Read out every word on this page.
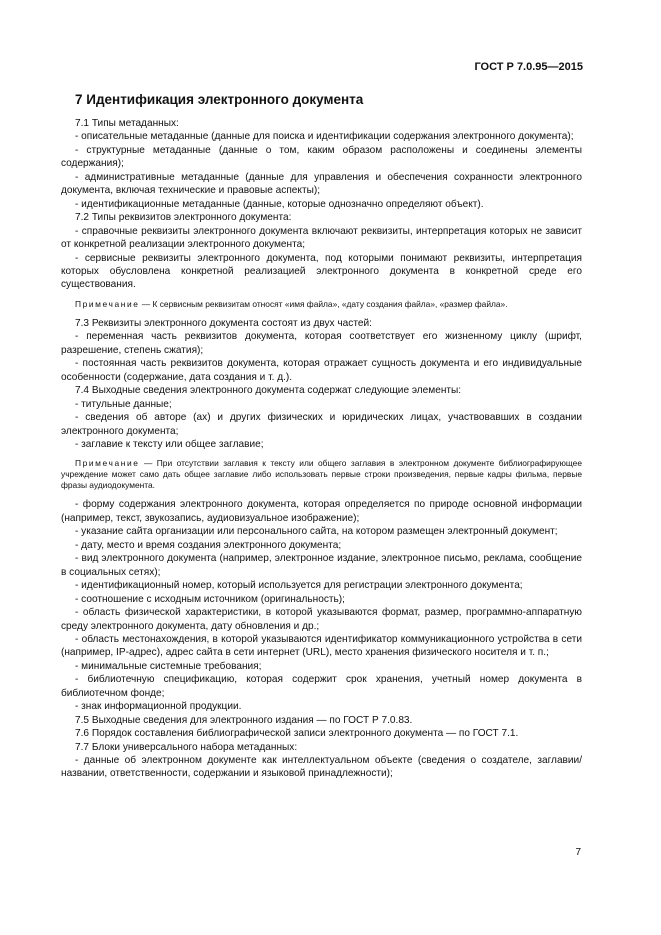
ГОСТ Р 7.0.95—2015
7 Идентификация электронного документа

7.1 Типы метаданных:

- описательные метаданные (данные для поиска и идентификации содержания электронного документа);

- структурные метаданные (данные о том, каким образом расположены и соединены элементы содержания);

- административные метаданные (данные для управления и обеспечения сохранности электронного документа, включая технические и правовые аспекты);

- идентификационные метаданные (данные, которые однозначно определяют объект).

7.2 Типы реквизитов электронного документа:

- справочные реквизиты электронного документа включают реквизиты, интерпретация которых не зависит от конкретной реализации электронного документа;

- сервисные реквизиты электронного документа, под которыми понимают реквизиты, интерпретация которых обусловлена конкретной реализацией электронного документа в конкретной среде его существования.

Примечание — К сервисным реквизитам относят «имя файла», «дату создания файла», «размер файла».

7.3 Реквизиты электронного документа состоят из двух частей:

- переменная часть реквизитов документа, которая соответствует его жизненному циклу (шрифт, разрешение, степень сжатия);

- постоянная часть реквизитов документа, которая отражает сущность документа и его индивидуальные особенности (содержание, дата создания и т. д.).

7.4 Выходные сведения электронного документа содержат следующие элементы:

- титульные данные;

- сведения об авторе (ах) и других физических и юридических лицах, участвовавших в создании электронного документа;

- заглавие к тексту или общее заглавие;

Примечание — При отсутствии заглавия к тексту или общего заглавия в электронном документе библиографирующее учреждение может само дать общее заглавие либо использовать первые строки произведения, первые кадры фильма, первые фразы аудиодокумента.

- форму содержания электронного документа, которая определяется по природе основной информации (например, текст, звукозапись, аудиовизуальное изображение);

- указание сайта организации или персонального сайта, на котором размещен электронный документ;

- дату, место и время создания электронного документа;

- вид электронного документа (например, электронное издание, электронное письмо, реклама, сообщение в социальных сетях);

- идентификационный номер, который используется для регистрации электронного документа;

- соотношение с исходным источником (оригинальность);

- область физической характеристики, в которой указываются формат, размер, программно-аппаратную среду электронного документа, дату обновления и др.;

- область местонахождения, в которой указываются идентификатор коммуникационного устройства в сети (например, IP-адрес), адрес сайта в сети интернет (URL), место хранения физического носителя и т. п.;

- минимальные системные требования;

- библиотечную спецификацию, которая содержит срок хранения, учетный номер документа в библиотечном фонде;

- знак информационной продукции.

7.5 Выходные сведения для электронного издания — по ГОСТ Р 7.0.83.

7.6 Порядок составления библиографической записи электронного документа — по ГОСТ 7.1.

7.7 Блоки универсального набора метаданных:

- данные об электронном документе как интеллектуальном объекте (сведения о создателе, заглавии/названии, ответственности, содержании и языковой принадлежности);

7
